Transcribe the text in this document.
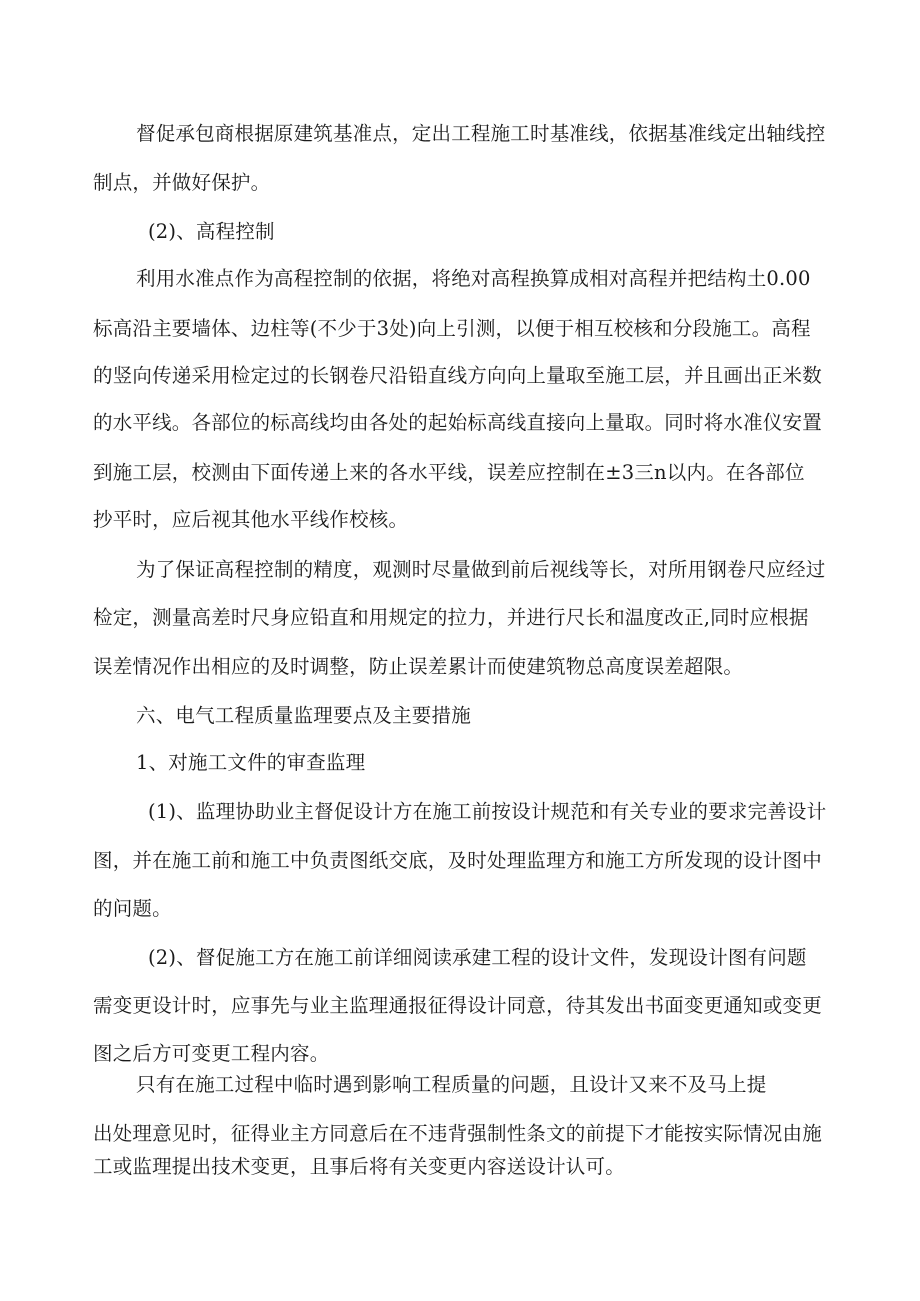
督促承包商根据原建筑基准点，定出工程施工时基准线，依据基准线定出轴线控
制点，并做好保护。
(2)、高程控制
利用水准点作为高程控制的依据，将绝对高程换算成相对高程并把结构土0.00
标高沿主要墙体、边柱等(不少于3处)向上引测，以便于相互校核和分段施工。高程
的竖向传递采用检定过的长钢卷尺沿铅直线方向向上量取至施工层，并且画出正米数
的水平线。各部位的标高线均由各处的起始标高线直接向上量取。同时将水准仪安置
到施工层，校测由下面传递上来的各水平线，误差应控制在±3三n以内。在各部位
抄平时，应后视其他水平线作校核。
为了保证高程控制的精度，观测时尽量做到前后视线等长，对所用钢卷尺应经过
检定，测量高差时尺身应铅直和用规定的拉力，并进行尺长和温度改正,同时应根据
误差情况作出相应的及时调整，防止误差累计而使建筑物总高度误差超限。
六、电气工程质量监理要点及主要措施
1、对施工文件的审查监理
(1)、监理协助业主督促设计方在施工前按设计规范和有关专业的要求完善设计
图，并在施工前和施工中负责图纸交底，及时处理监理方和施工方所发现的设计图中
的问题。
(2)、督促施工方在施工前详细阅读承建工程的设计文件，发现设计图有问题
需变更设计时，应事先与业主监理通报征得设计同意，待其发出书面变更通知或变更
图之后方可变更工程内容。
只有在施工过程中临时遇到影响工程质量的问题，且设计又来不及马上提
出处理意见时，征得业主方同意后在不违背强制性条文的前提下才能按实际情况由施
工或监理提出技术变更，且事后将有关变更内容送设计认可。
